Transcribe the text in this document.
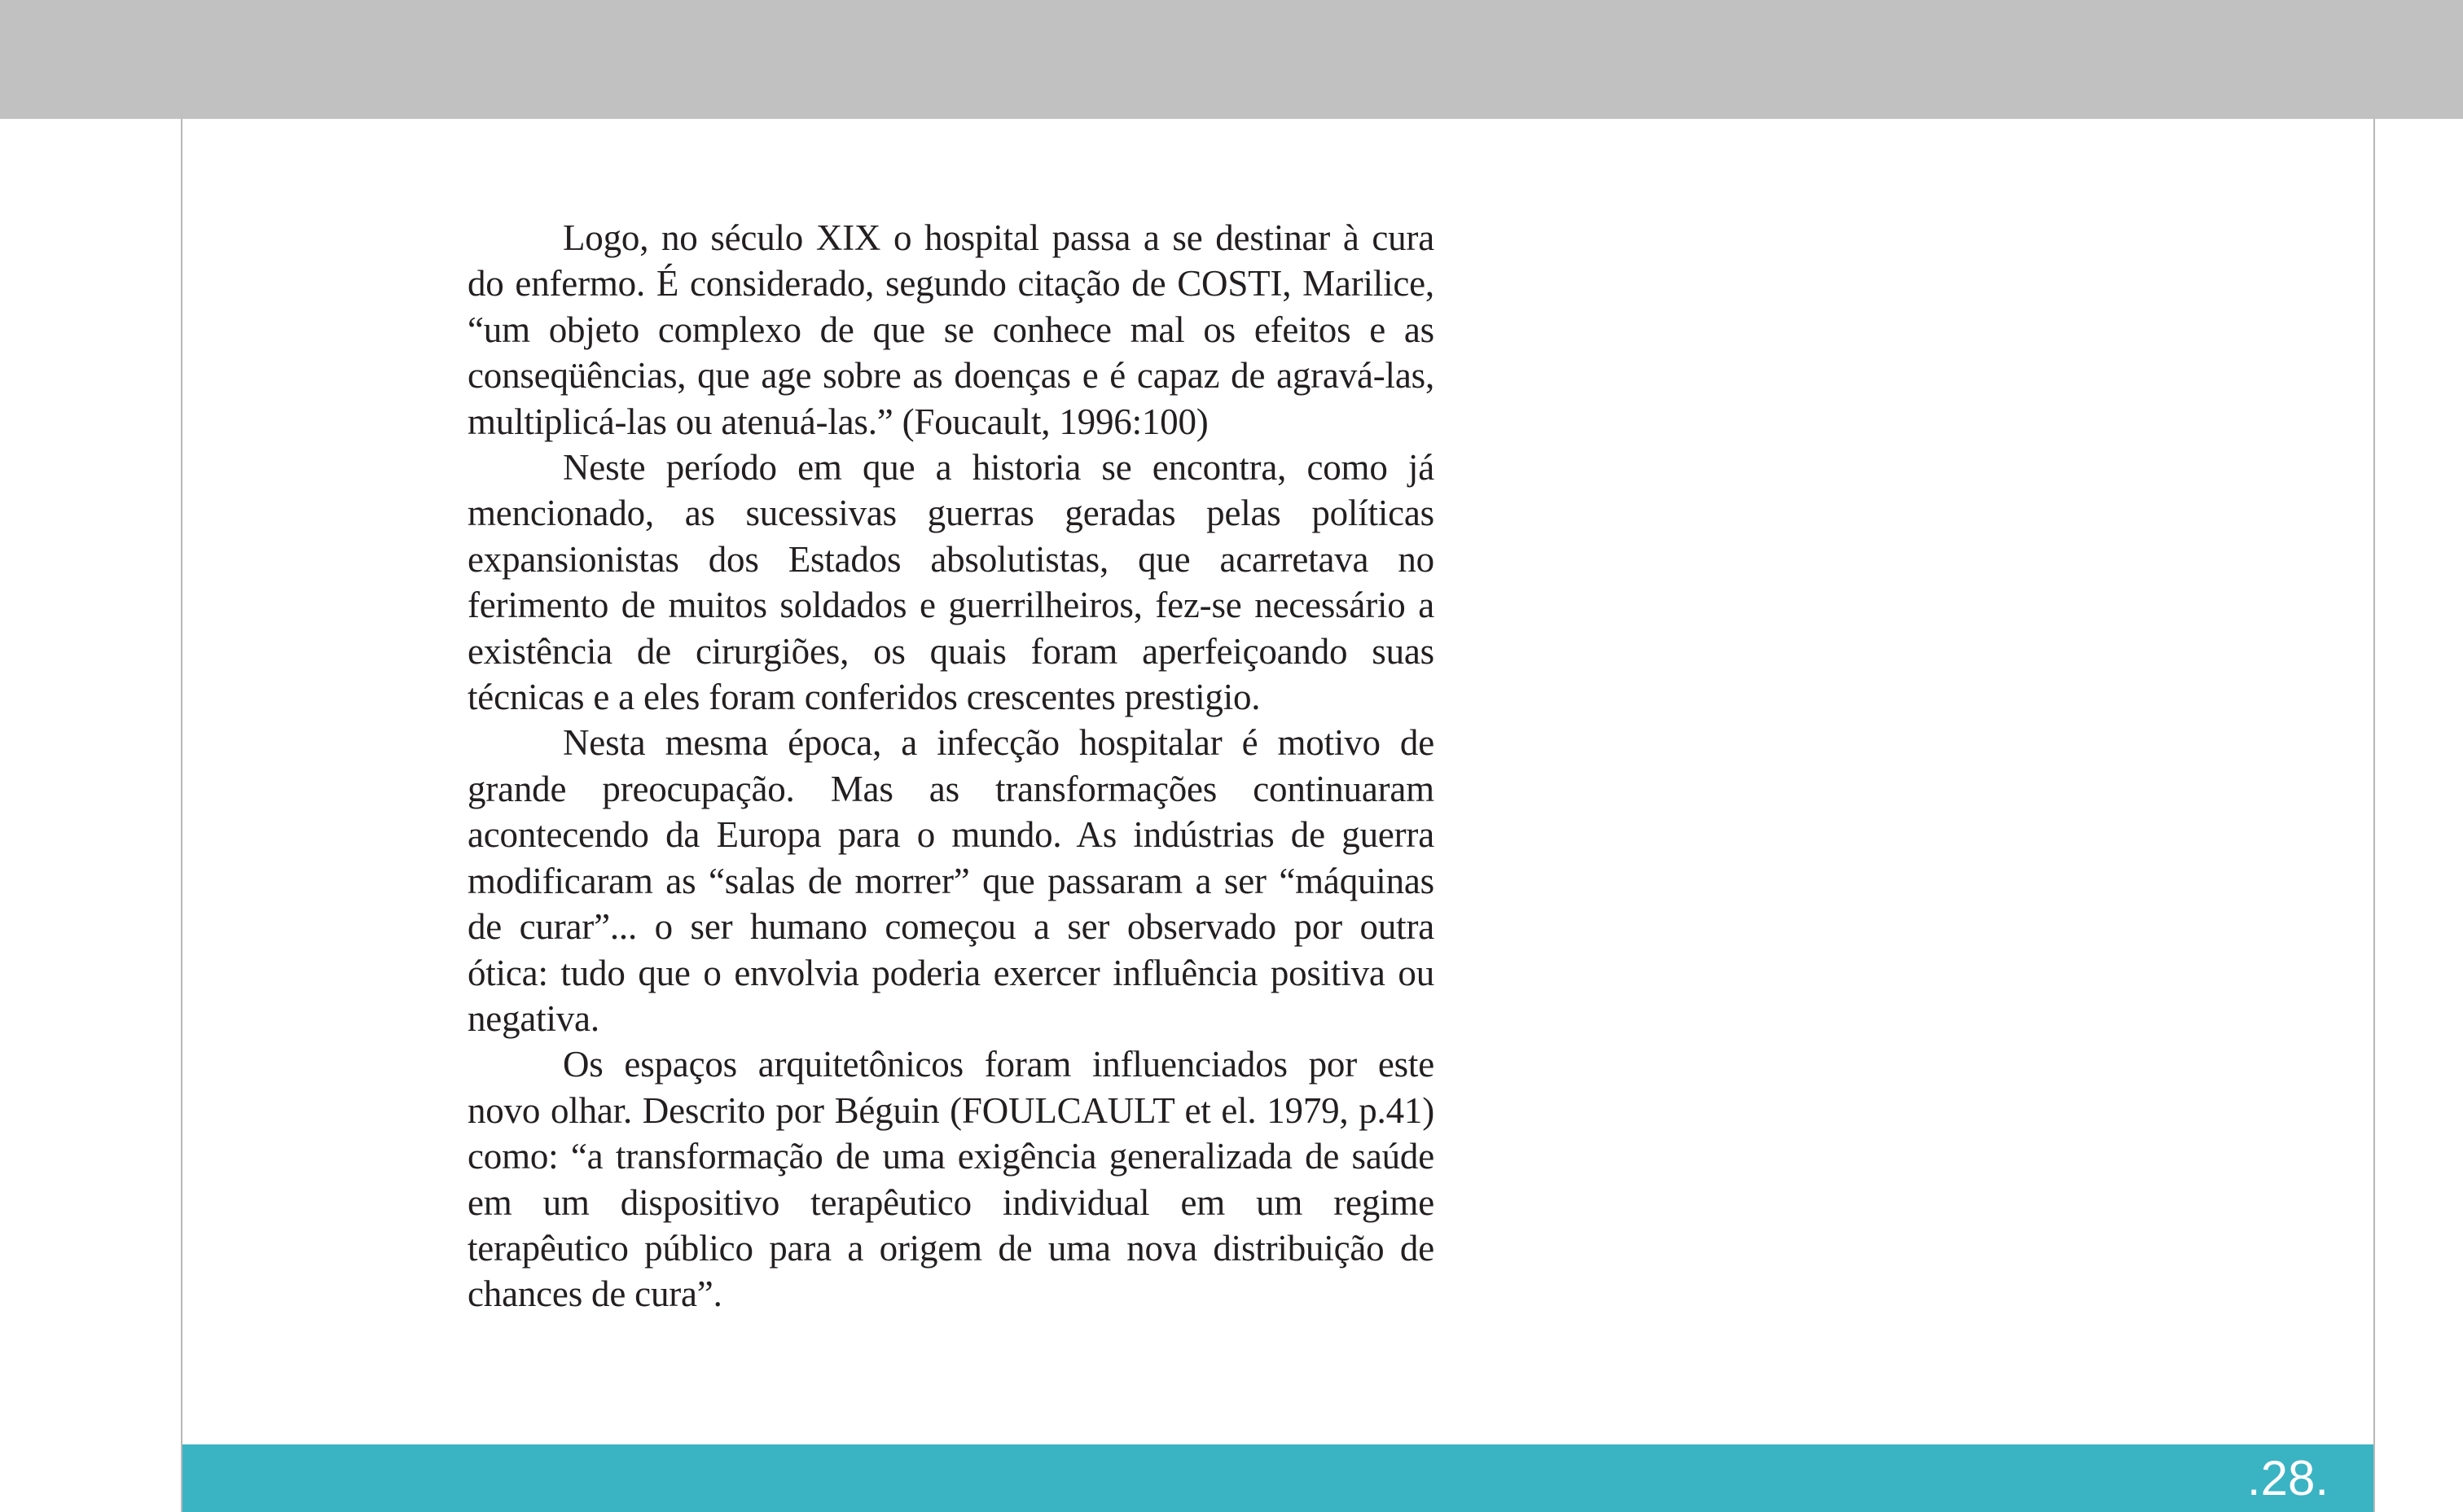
Logo, no século XIX o hospital passa a se destinar à cura do enfermo. É considerado, segundo citação de COSTI, Marilice, “um objeto complexo de que se conhece mal os efeitos e as conseqüências, que age sobre as doenças e é capaz de agravá-las, multiplicá-las ou atenuá-las.” (Foucault, 1996:100)

Neste período em que a historia se encontra, como já mencionado, as sucessivas guerras geradas pelas políticas expansionistas dos Estados absolutistas, que acarretava no ferimento de muitos soldados e guerrilheiros, fez-se necessário a existência de cirurgiões, os quais foram aperfeiçoando suas técnicas e a eles foram conferidos crescentes prestigio.

Nesta mesma época, a infecção hospitalar é motivo de grande preocupação. Mas as transformações continuaram acontecendo da Europa para o mundo. As indústrias de guerra modificaram as “salas de morrer” que passaram a ser “máquinas de curar”... o ser humano começou a ser observado por outra ótica: tudo que o envolvia poderia exercer influência positiva ou negativa.

Os espaços arquitetônicos foram influenciados por este novo olhar. Descrito por Béguin (FOULCAULT et el. 1979, p.41) como: “a transformação de uma exigência generalizada de saúde em um dispositivo terapêutico individual em um regime terapêutico público para a origem de uma nova distribuição de chances de cura”.

.28.
